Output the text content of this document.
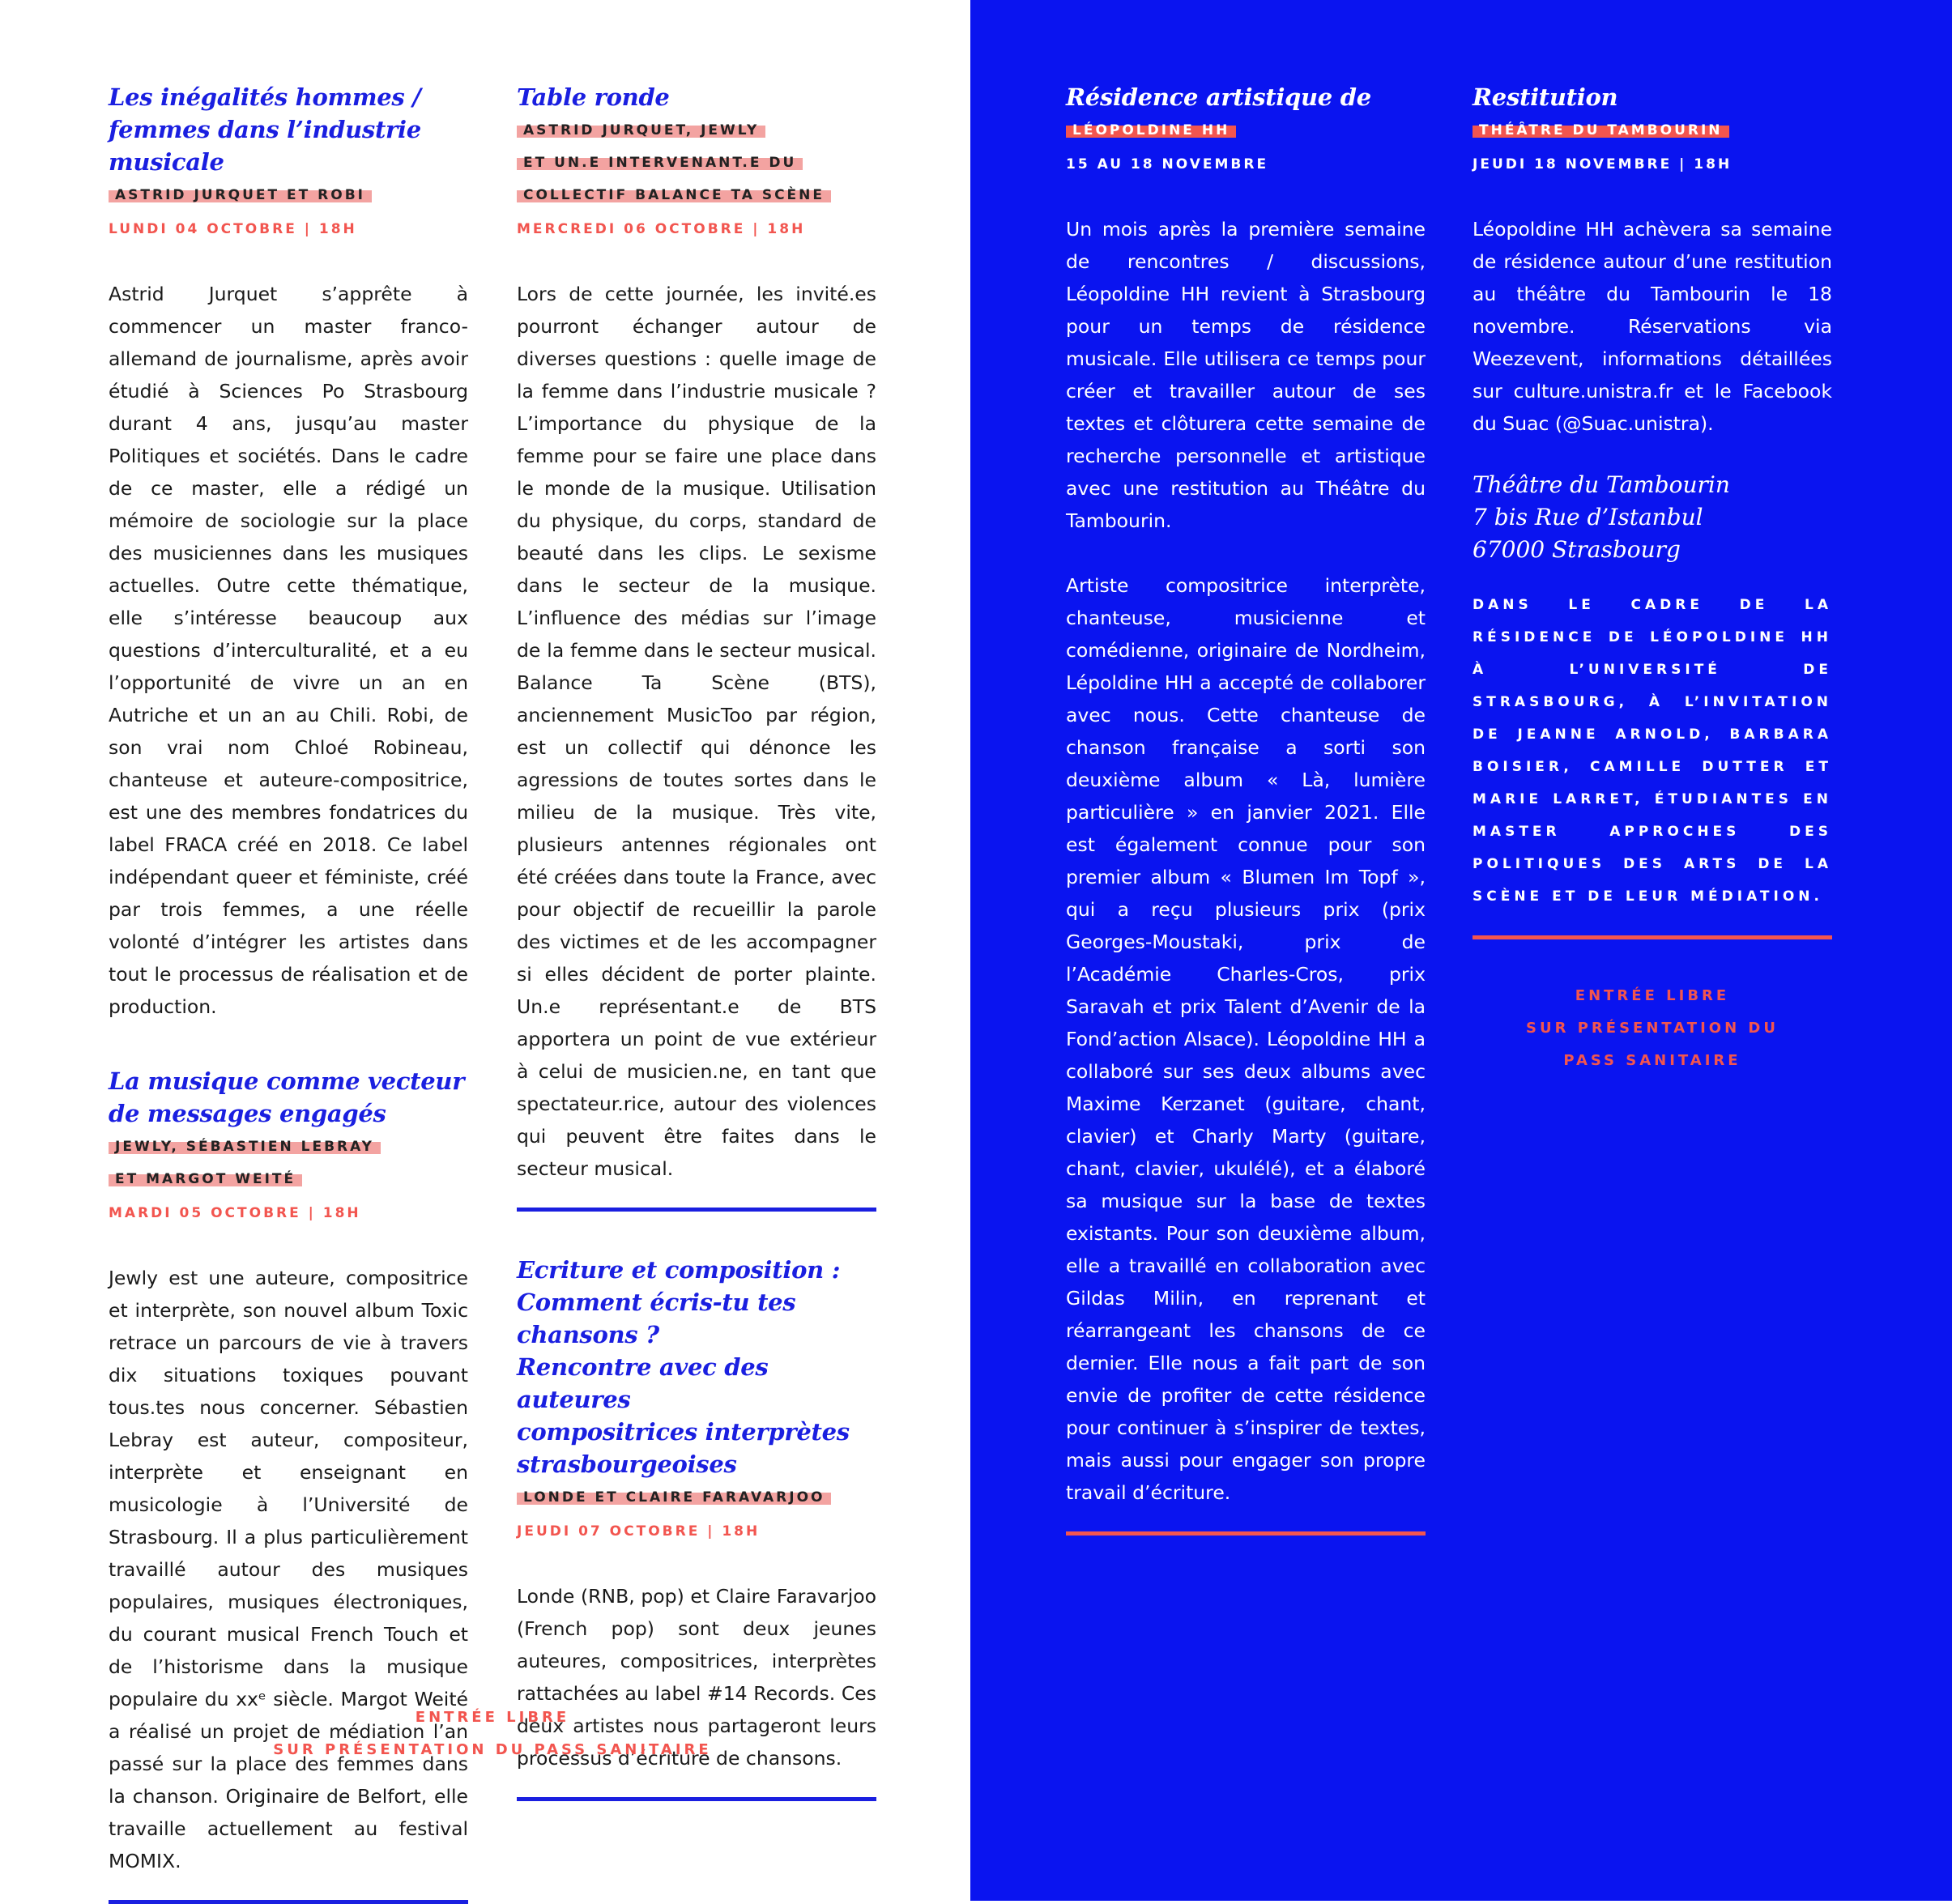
Les inégalités hommes /
femmes dans l’industrie musicale
ASTRID JURQUET ET ROBI
LUNDI 04 OCTOBRE | 18H

Astrid Jurquet s’apprête à commencer un master franco-allemand de journalisme, après avoir étudié à Sciences Po Strasbourg durant 4 ans, jusqu’au master Politiques et sociétés. Dans le cadre de ce master, elle a rédigé un mémoire de sociologie sur la place des musiciennes dans les musiques actuelles. Outre cette thématique, elle s’intéresse beaucoup aux questions d’interculturalité, et a eu l’opportunité de vivre un an en Autriche et un an au Chili. Robi, de son vrai nom Chloé Robineau, chanteuse et auteure-compositrice, est une des membres fondatrices du label FRACA créé en 2018. Ce label indépendant queer et féministe, créé par trois femmes, a une réelle volonté d’intégrer les artistes dans tout le processus de réalisation et de production.

La musique comme vecteur
de messages engagés
JEWLY, SÉBASTIEN LEBRAY
ET MARGOT WEITÉ
MARDI 05 OCTOBRE | 18H

Jewly est une auteure, compositrice et interprète, son nouvel album Toxic retrace un parcours de vie à travers dix situations toxiques pouvant tous.tes nous concerner. Sébastien Lebray est auteur, compositeur, interprète et enseignant en musicologie à l’Université de Strasbourg. Il a plus particulièrement travaillé autour des musiques populaires, musiques électroniques, du courant musical French Touch et de l’historisme dans la musique populaire du xxᵉ siècle. Margot Weité a réalisé un projet de médiation l’an passé sur la place des femmes dans la chanson. Originaire de Belfort, elle travaille actuellement au festival MOMIX.

Table ronde
ASTRID JURQUET, JEWLY
ET UN.E INTERVENANT.E DU
COLLECTIF BALANCE TA SCÈNE
MERCREDI 06 OCTOBRE | 18H

Lors de cette journée, les invité.es pourront échanger autour de diverses questions : quelle image de la femme dans l’industrie musicale ? L’importance du physique de la femme pour se faire une place dans le monde de la musique. Utilisation du physique, du corps, standard de beauté dans les clips. Le sexisme dans le secteur de la musique. L’influence des médias sur l’image de la femme dans le secteur musical. Balance Ta Scène (BTS), anciennement MusicToo par région, est un collectif qui dénonce les agressions de toutes sortes dans le milieu de la musique. Très vite, plusieurs antennes régionales ont été créées dans toute la France, avec pour objectif de recueillir la parole des victimes et de les accompagner si elles décident de porter plainte. Un.e représentant.e de BTS apportera un point de vue extérieur à celui de musicien.ne, en tant que spectateur.rice, autour des violences qui peuvent être faites dans le secteur musical.

Ecriture et composition :
Comment écris-tu tes chansons ?
Rencontre avec des auteures
compositrices interprètes
strasbourgeoises
LONDE ET CLAIRE FARAVARJOO
JEUDI 07 OCTOBRE | 18H

Londe (RNB, pop) et Claire Faravarjoo (French pop) sont deux jeunes auteures, compositrices, interprètes rattachées au label #14 Records. Ces deux artistes nous partageront leurs processus d’écriture de chansons.

ENTRÉE LIBRE
SUR PRÉSENTATION DU PASS SANITAIRE
Résidence artistique de
LÉOPOLDINE HH
15 AU 18 NOVEMBRE

Un mois après la première semaine de rencontres / discussions, Léopoldine HH revient à Strasbourg pour un temps de résidence musicale. Elle utilisera ce temps pour créer et travailler autour de ses textes et clôturera cette semaine de recherche personnelle et artistique avec une restitution au Théâtre du Tambourin.

Artiste compositrice interprète, chanteuse, musicienne et comédienne, originaire de Nordheim, Lépoldine HH a accepté de collaborer avec nous. Cette chanteuse de chanson française a sorti son deuxième album « Là, lumière particulière » en janvier 2021. Elle est également connue pour son premier album « Blumen Im Topf », qui a reçu plusieurs prix (prix Georges-Moustaki, prix de l’Académie Charles-Cros, prix Saravah et prix Talent d’Avenir de la Fond’action Alsace). Léopoldine HH a collaboré sur ses deux albums avec Maxime Kerzanet (guitare, chant, clavier) et Charly Marty (guitare, chant, clavier, ukulélé), et a élaboré sa musique sur la base de textes existants. Pour son deuxième album, elle a travaillé en collaboration avec Gildas Milin, en reprenant et réarrangeant les chansons de ce dernier. Elle nous a fait part de son envie de profiter de cette résidence pour continuer à s’inspirer de textes, mais aussi pour engager son propre travail d’écriture.

Restitution
THÉÂTRE DU TAMBOURIN
JEUDI 18 NOVEMBRE | 18H

Léopoldine HH achèvera sa semaine de résidence autour d’une restitution au théâtre du Tambourin le 18 novembre. Réservations via Weezevent, informations détaillées sur culture.unistra.fr et le Facebook du Suac (@Suac.unistra).

Théâtre du Tambourin
7 bis Rue d’Istanbul
67000 Strasbourg
DANS LE CADRE DE LA RÉSIDENCE DE LÉOPOLDINE HH À L’UNIVERSITÉ DE STRASBOURG, À L’INVITATION DE JEANNE ARNOLD, BARBARA BOISIER, CAMILLE DUTTER ET MARIE LARRET, ÉTUDIANTES EN MASTER APPROCHES DES POLITIQUES DES ARTS DE LA SCÈNE ET DE LEUR MÉDIATION.
ENTRÉE LIBRE
SUR PRÉSENTATION DU
PASS SANITAIRE
